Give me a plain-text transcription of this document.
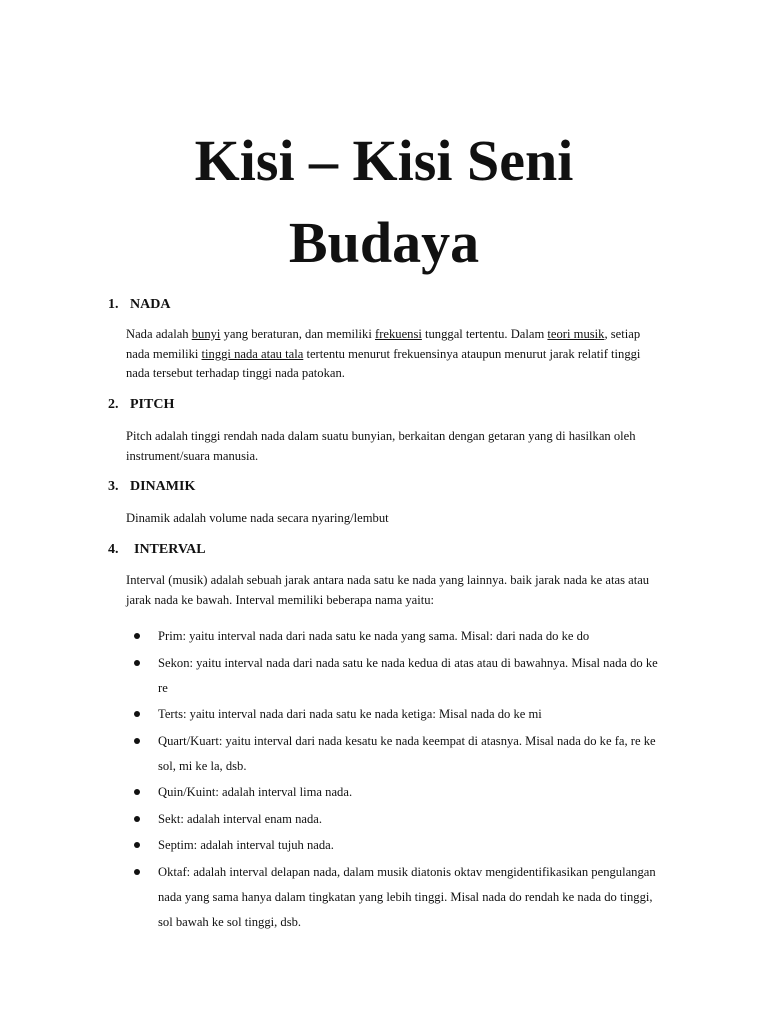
Kisi – Kisi Seni
Budaya
1. NADA

Nada adalah bunyi yang beraturan, dan memiliki frekuensi tunggal tertentu. Dalam teori musik, setiap nada memiliki tinggi nada atau tala tertentu menurut frekuensinya ataupun menurut jarak relatif tinggi nada tersebut terhadap tinggi nada patokan.

2. PITCH

Pitch adalah tinggi rendah nada dalam suatu bunyian, berkaitan dengan getaran yang di hasilkan oleh instrument/suara manusia.

3. DINAMIK

Dinamik adalah volume nada secara nyaring/lembut

4. INTERVAL

Interval (musik) adalah sebuah jarak antara nada satu ke nada yang lainnya. baik jarak nada ke atas atau jarak nada ke bawah. Interval memiliki beberapa nama yaitu:

Prim: yaitu interval nada dari nada satu ke nada yang sama. Misal: dari nada do ke do
Sekon: yaitu interval nada dari nada satu ke nada kedua di atas atau di bawahnya. Misal nada do ke re
Terts: yaitu interval nada dari nada satu ke nada ketiga: Misal nada do ke mi
Quart/Kuart: yaitu interval dari nada kesatu ke nada keempat di atasnya. Misal nada do ke fa, re ke sol, mi ke la, dsb.
Quin/Kuint: adalah interval lima nada.
Sekt: adalah interval enam nada.
Septim: adalah interval tujuh nada.
Oktaf: adalah interval delapan nada, dalam musik diatonis oktav mengidentifikasikan pengulangan nada yang sama hanya dalam tingkatan yang lebih tinggi. Misal nada do rendah ke nada do tinggi, sol bawah ke sol tinggi, dsb.
